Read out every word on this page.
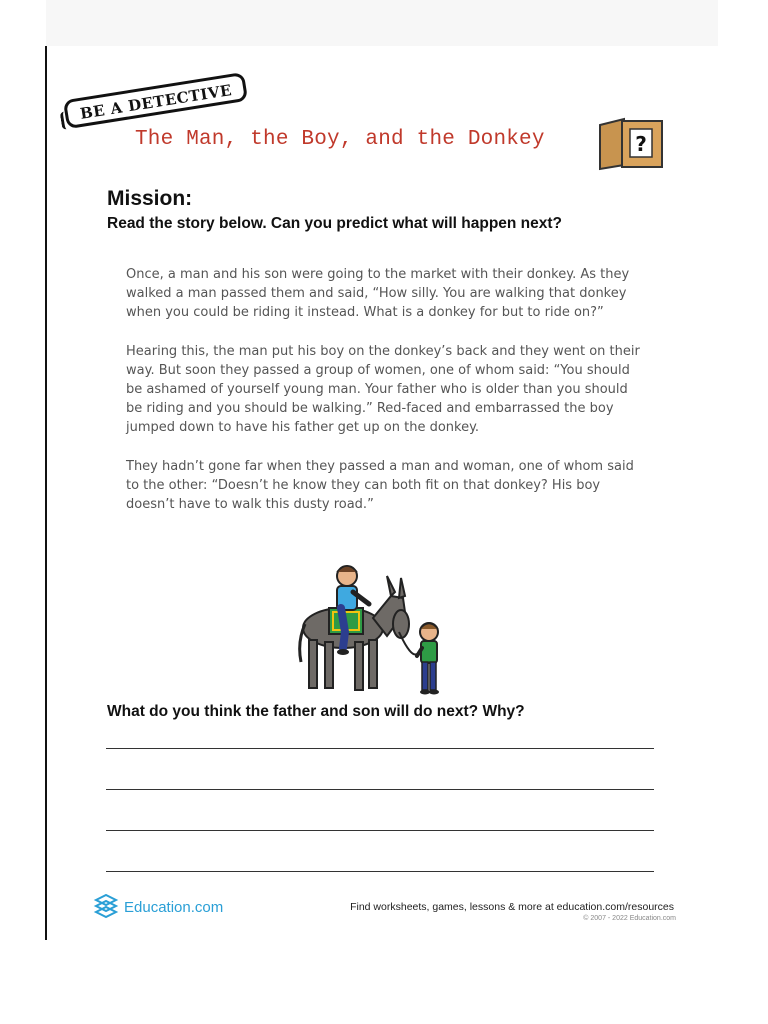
BE A DETECTIVE
The Man, the Boy, and the Donkey	?
Mission:
Read the story below. Can you predict what will happen next?

Once, a man and his son were going to the market with their donkey. As they walked a man passed them and said, “How silly. You are walking that donkey when you could be riding it instead. What is a donkey for but to ride on?”

Hearing this, the man put his boy on the donkey’s back and they went on their way. But soon they passed a group of women, one of whom said: “You should be ashamed of yourself young man. Your father who is older than you should be riding and you should be walking.” Red-faced and embarrassed the boy jumped down to have his father get up on the donkey.

They hadn’t gone far when they passed a man and woman, one of whom said to the other: “Doesn’t he know they can both fit on that donkey? His boy doesn’t have to walk this dusty road.”

What do you think the father and son will do next? Why?
Education.com	Find worksheets, games, lessons & more at education.com/resources
© 2007 - 2022 Education.com
